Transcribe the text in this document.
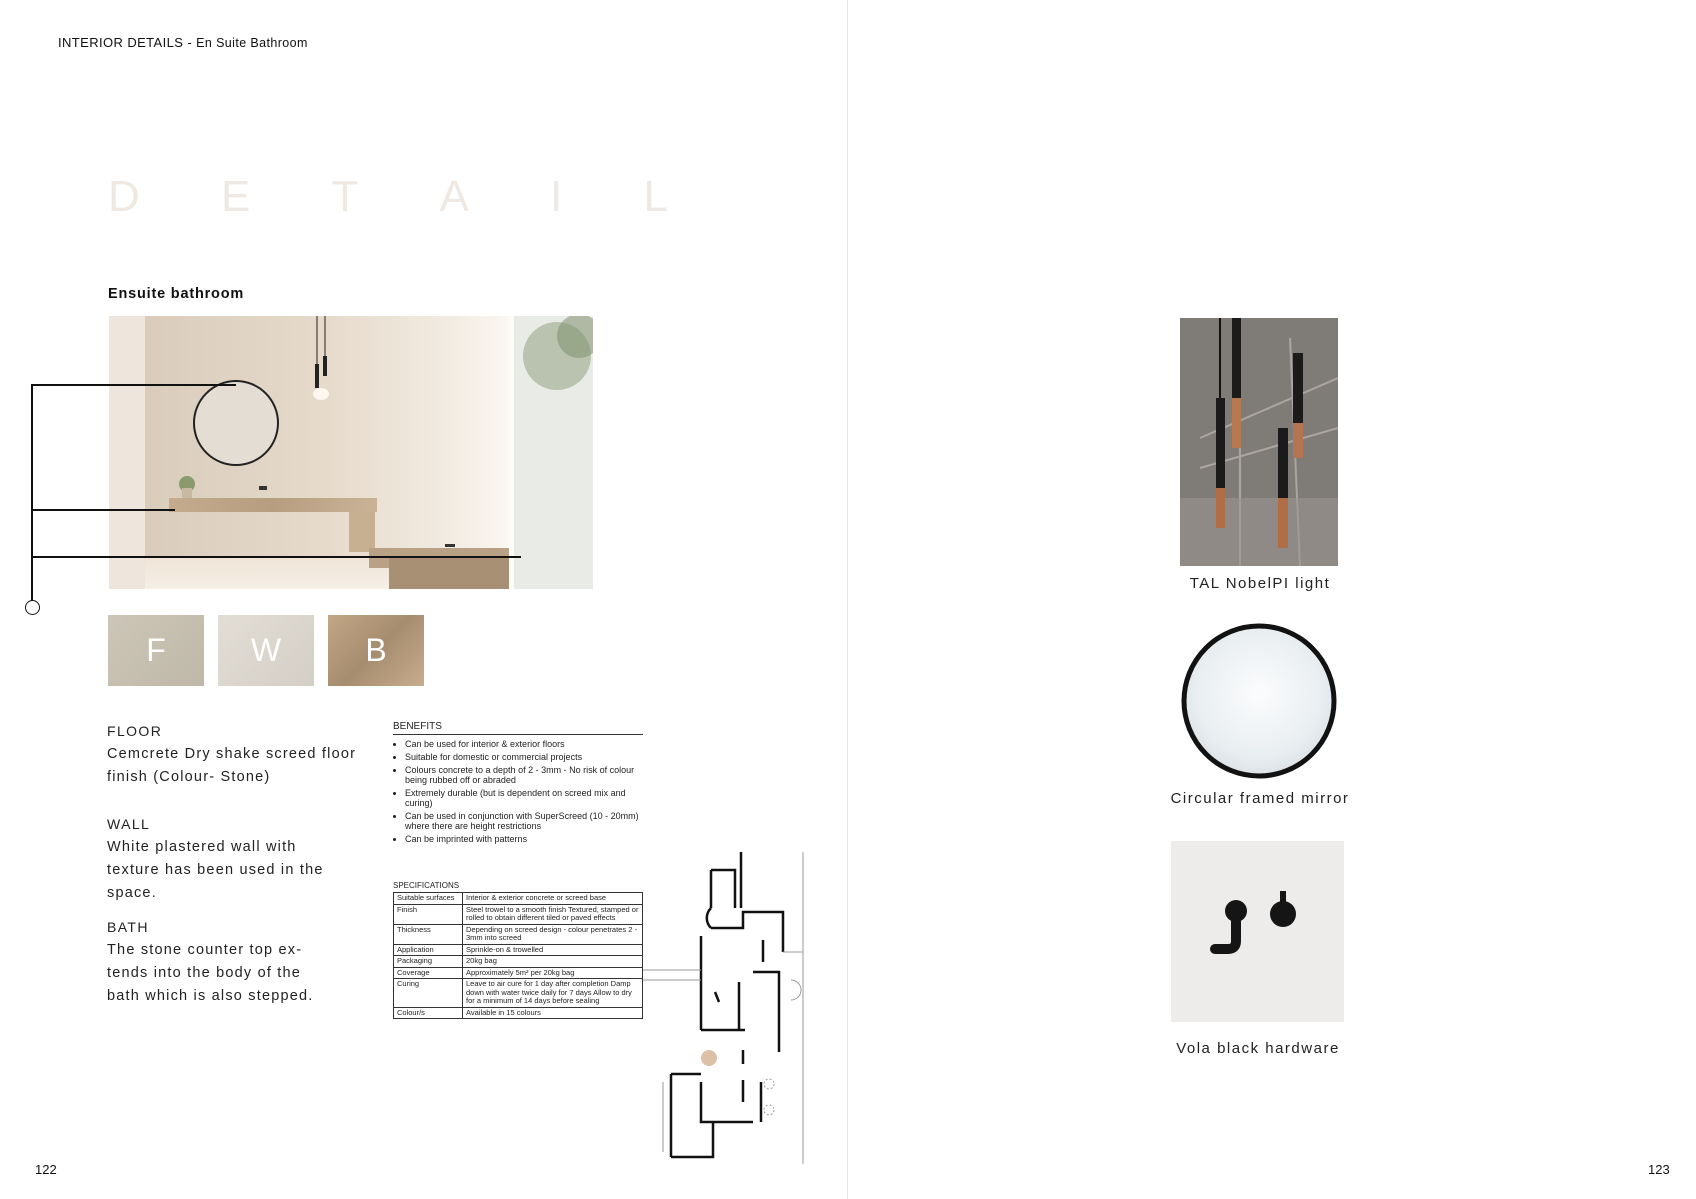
INTERIOR DETAILS - En Suite Bathroom
D E T A I L
Ensuite bathroom
F	W	B
FLOOR
Cemcrete Dry shake screed floor finish (Colour- Stone)
WALL
White plastered wall with texture has been used in the space.
BATH
The stone counter top ex-tends into the body of the bath which is also stepped.
BENEFITS
• Can be used for interior & exterior floors
• Suitable for domestic or commercial projects
• Colours concrete to a depth of 2 - 3mm - No risk of colour being rubbed off or abraded
• Extremely durable (but is dependent on screed mix and curing)
• Can be used in conjunction with SuperScreed (10 - 20mm) where there are height restrictions
• Can be imprinted with patterns
SPECIFICATIONS
Suitable surfaces	Interior & exterior concrete or screed base
Finish	Steel trowel to a smooth finish Textured, stamped or rolled to obtain different tiled or paved effects
Thickness	Depending on screed design - colour penetrates 2 - 3mm into screed
Application	Sprinkle-on & trowelled
Packaging	20kg bag
Coverage	Approximately 5m² per 20kg bag
Curing	Leave to air cure for 1 day after completion Damp down with water twice daily for 7 days Allow to dry for a minimum of 14 days before sealing
Colour/s	Available in 15 colours
122
TAL NobelPI light
Circular framed mirror
Vola black hardware
123
